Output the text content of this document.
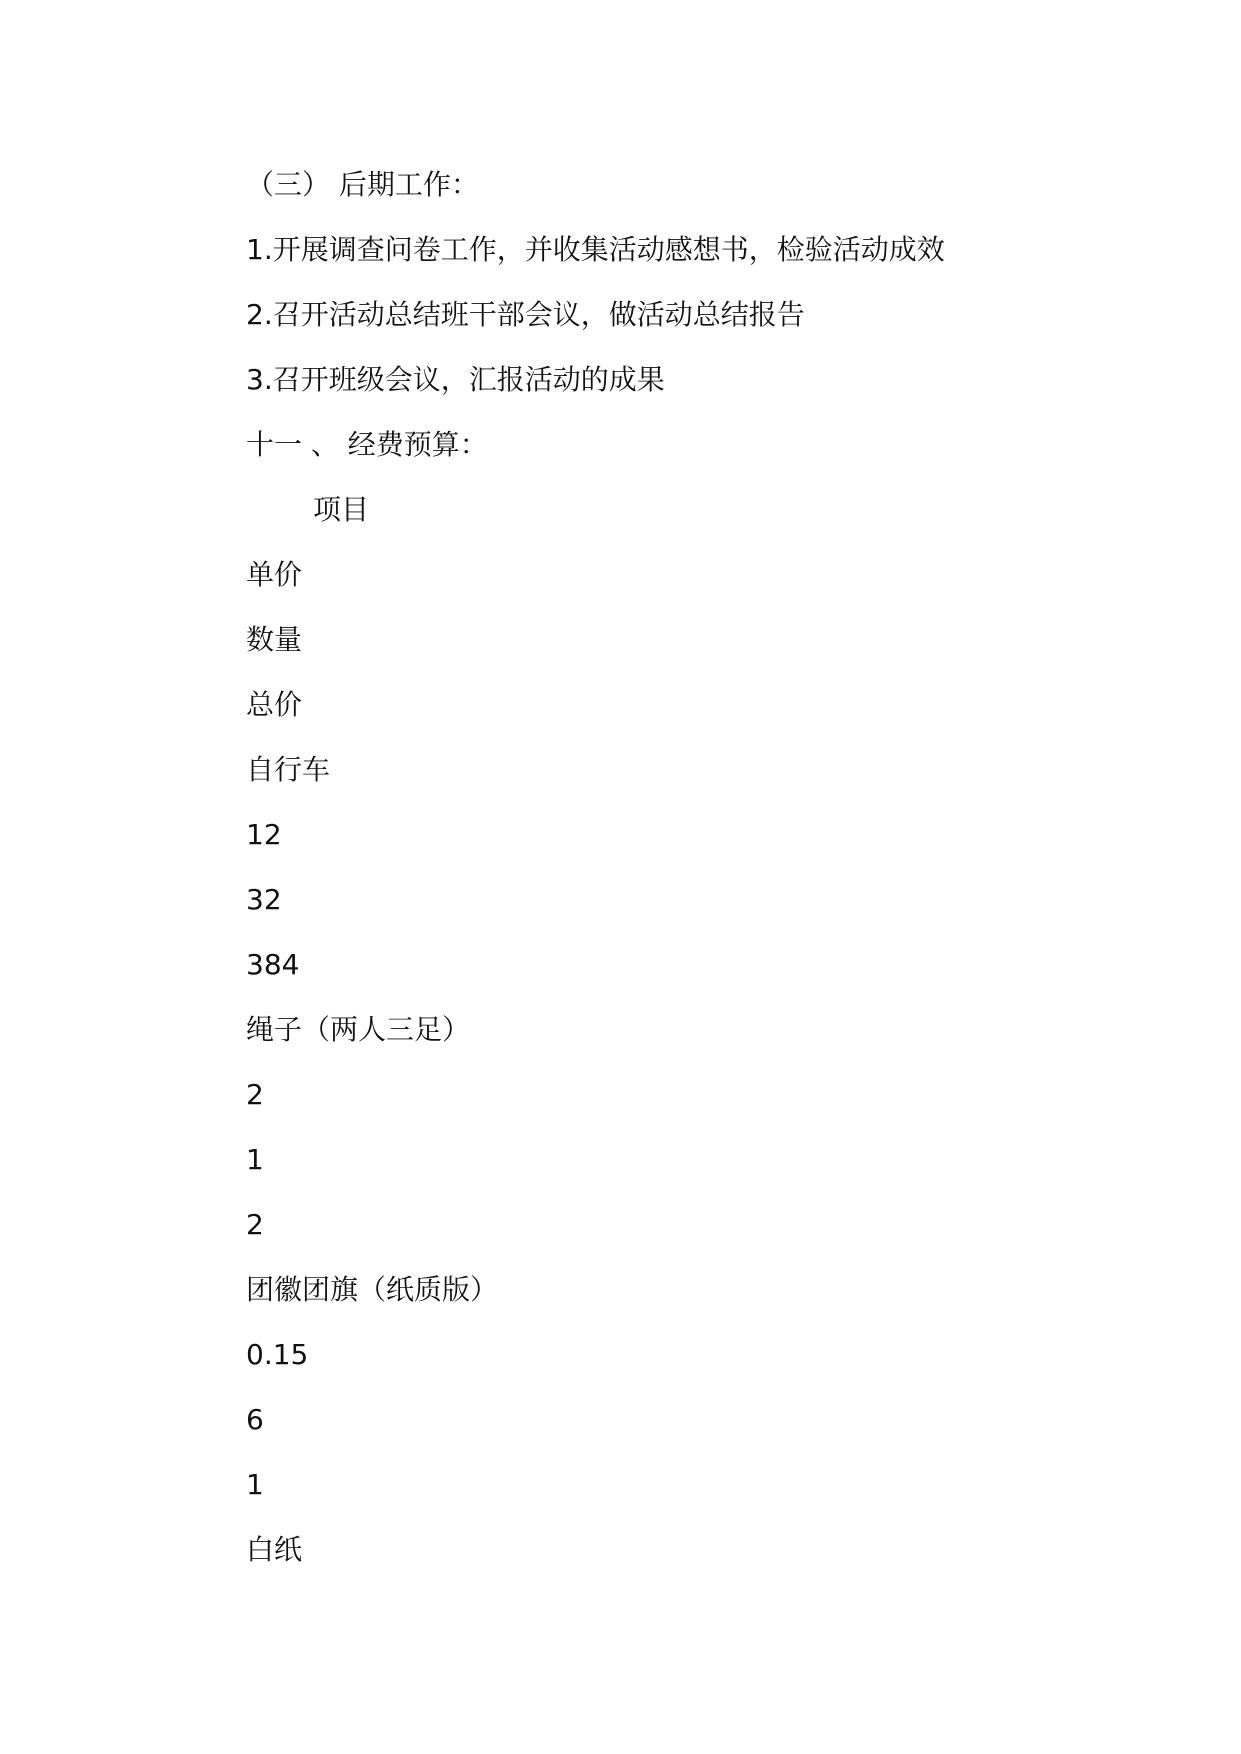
（三） 后期工作：
1.开展调查问卷工作，并收集活动感想书，检验活动成效
2.召开活动总结班干部会议，做活动总结报告
3.召开班级会议，汇报活动的成果
十一 、 经费预算：
项目
单价
数量
总价
自行车
12
32
384
绳子（两人三足）
2
1
2
团徽团旗（纸质版）
0.15
6
1
白纸
